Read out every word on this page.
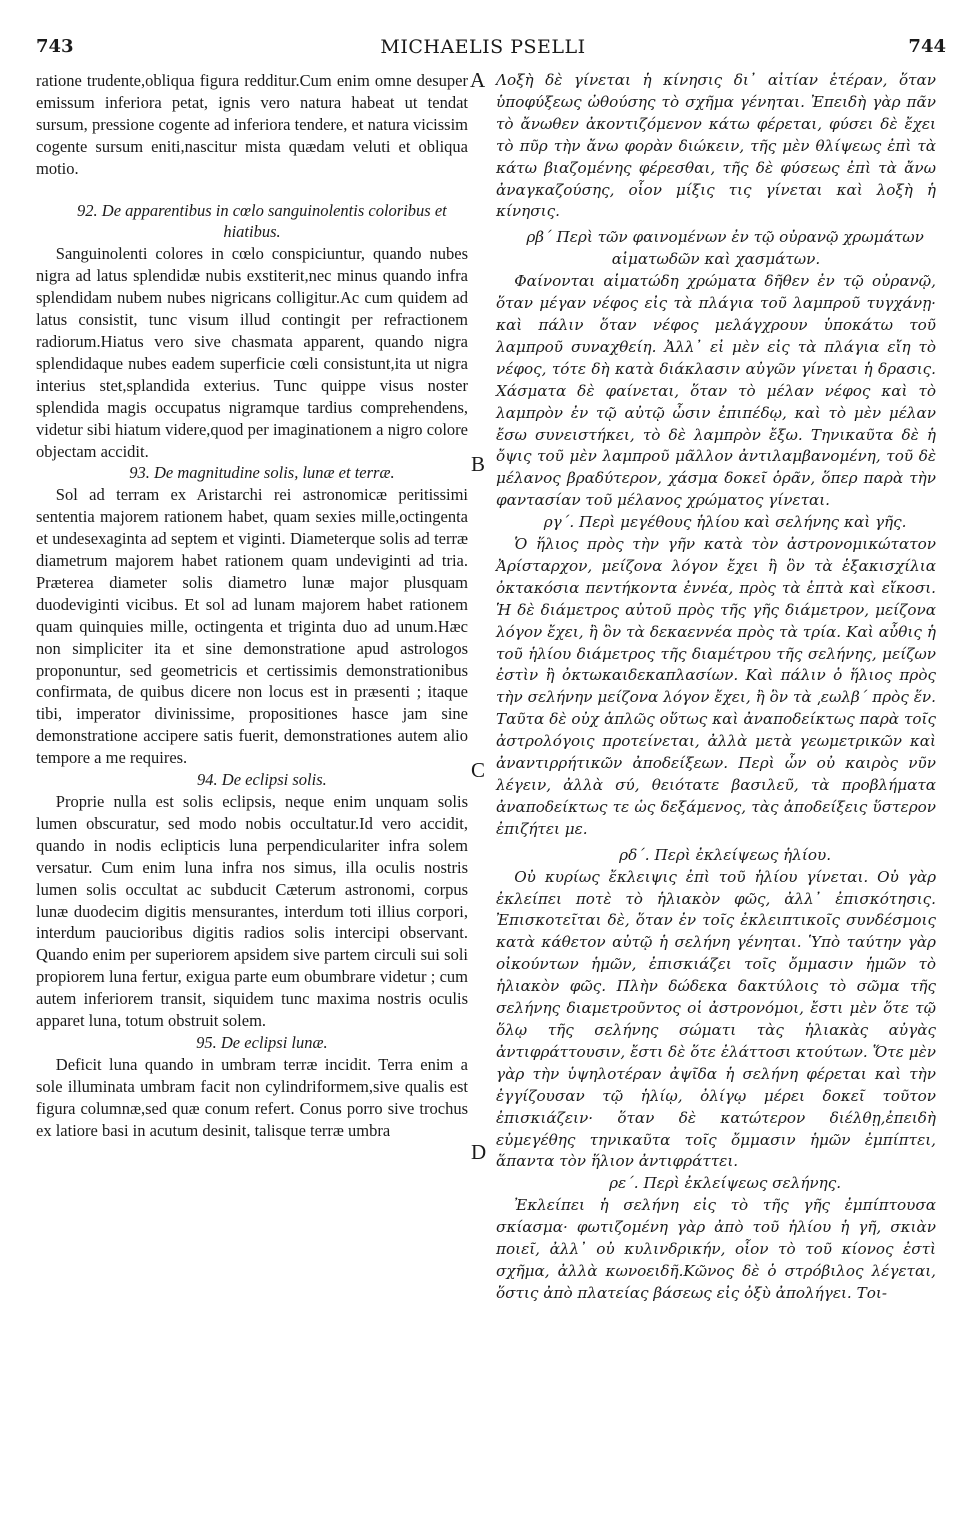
743	MICHAELIS PSELLI	744

ratione trudente,obliqua figura redditur.Cum enim omne desuper emissum inferiora petat, ignis vero natura habeat ut tendat sursum, pressione cogente ad inferiora tendere, et natura vicissim cogente sursum eniti,nascitur mista quædam veluti et obliqua motio.

92. De apparentibus in cœlo sanguinolentis coloribus et hiatibus.

Sanguinolenti colores in cœlo conspiciuntur, quando nubes nigra ad latus splendidæ nubis exstiterit,nec minus quando infra splendidam nubem nubes nigricans colligitur.Ac cum quidem ad latus consistit, tunc visum illud contingit per refractionem radiorum.Hiatus vero sive chasmata apparent, quando nigra splendidaque nubes eadem superficie cœli consistunt,ita ut nigra interius stet,splandida exterius. Tunc quippe visus noster splendida magis occupatus nigramque tardius comprehendens, videtur sibi hiatum videre,quod per imaginationem a nigro colore objectam accidit.

93. De magnitudine solis, lunæ et terræ.

Sol ad terram ex Aristarchi rei astronomicæ peritissimi sententia majorem rationem habet, quam sexies mille,octingenta et undesexaginta ad septem et viginti. Diameterque solis ad terræ diametrum majorem habet rationem quam undeviginti ad tria. Præterea diameter solis diametro lunæ major plusquam duodeviginti vicibus. Et sol ad lunam majorem habet rationem quam quinquies mille, octingenta et triginta duo ad unum.Hæc non simpliciter ita et sine demonstratione apud astrologos proponuntur, sed geometricis et certissimis demonstrationibus confirmata, de quibus dicere non locus est in præsenti ; itaque tibi, imperator divinissime, propositiones hasce jam sine demonstratione accipere satis fuerit, demonstrationes autem alio tempore a me requires.

94. De eclipsi solis.

Proprie nulla est solis eclipsis, neque enim unquam solis lumen obscuratur, sed modo nobis occultatur.Id vero accidit, quando in nodis eclipticis luna perpendiculariter infra solem versatur. Cum enim luna infra nos simus, illa oculis nostris lumen solis occultat ac subducit Cæterum astronomi, corpus lunæ duodecim digitis mensurantes, interdum toti illius corpori, interdum paucioribus digitis radios solis intercipi observant. Quando enim per superiorem apsidem sive partem circuli sui soli propiorem luna fertur, exigua parte eum obumbrare videtur ; cum autem inferiorem transit, siquidem tunc maxima nostris oculis apparet luna, totum obstruit solem.

95. De eclipsi lunæ.

Deficit luna quando in umbram terræ incidit. Terra enim a sole illuminata umbram facit non cylindriformem,sive qualis est figura columnæ,sed quæ conum refert. Conus porro sive trochus ex latiore basi in acutum desinit, talisque terræ umbra

Λοξὴ δὲ γίνεται ἡ κίνησις δι᾽ αἰτίαν ἑτέραν, ὅταν ὑποφύξεως ὠθούσης τὸ σχῆμα γένηται. Ἐπειδὴ γὰρ πᾶν τὸ ἄνωθεν ἀκοντιζόμενον κάτω φέρεται, φύσει δὲ ἔχει τὸ πῦρ τὴν ἄνω φορὰν διώκειν, τῆς μὲν θλίψεως ἐπὶ τὰ κάτω βιαζομένης φέρεσθαι, τῆς δὲ φύσεως ἐπὶ τὰ ἄνω ἀναγκαζούσης, οἷον μίξις τις γίνεται καὶ λοξὴ ἡ κίνησις.

ρβ΄ Περὶ τῶν φαινομένων ἐν τῷ οὐρανῷ χρωμάτων αἱματωδῶν καὶ χασμάτων.

Φαίνονται αἱματώδη χρώματα δῆθεν ἐν τῷ οὐρανῷ, ὅταν μέγαν νέφος εἰς τὰ πλάγια τοῦ λαμπροῦ τυγχάνῃ· καὶ πάλιν ὅταν νέφος μελάγχρουν ὑποκάτω τοῦ λαμπροῦ συναχθείη. Ἀλλ᾽ εἰ μὲν εἰς τὰ πλάγια εἴη τὸ νέφος, τότε δὴ κατὰ διάκλασιν αὐγῶν γίνεται ἡ δρασις. Χάσματα δὲ φαίνεται, ὅταν τὸ μέλαν νέφος καὶ τὸ λαμπρὸν ἐν τῷ αὐτῷ ὦσιν ἐπιπέδῳ, καὶ τὸ μὲν μέλαν ἔσω συνειστήκει, τὸ δὲ λαμπρὸν ἔξω. Τηνικαῦτα δὲ ἡ ὄψις τοῦ μὲν λαμπροῦ μᾶλλον ἀντιλαμβανομένη, τοῦ δὲ μέλανος βραδύτερον, χάσμα δοκεῖ ὁρᾶν, ὅπερ παρὰ τὴν φαντασίαν τοῦ μέλανος χρώματος γίνεται.

ργ΄. Περὶ μεγέθους ἡλίου καὶ σελήνης καὶ γῆς.

Ὁ ἥλιος πρὸς τὴν γῆν κατὰ τὸν ἀστρονομικώτατον Ἀρίσταρχον, μείζονα λόγον ἔχει ἢ ὃν τὰ ἑξακισχίλια ὀκτακόσια πεντήκοντα ἐννέα, πρὸς τὰ ἑπτὰ καὶ εἴκοσι. Ἡ δὲ διάμετρος αὐτοῦ πρὸς τῆς γῆς διάμετρον, μείζονα λόγον ἔχει, ἢ ὃν τὰ δεκαεννέα πρὸς τὰ τρία. Καὶ αὖθις ἡ τοῦ ἡλίου διάμετρος τῆς διαμέτρου τῆς σελήνης, μείζων ἐστὶν ἢ ὀκτωκαιδεκαπλασίων. Καὶ πάλιν ὁ ἥλιος πρὸς τὴν σελήνην μείζονα λόγον ἔχει, ἢ ὃν τὰ ͵εωλβ΄ πρὸς ἕν. Ταῦτα δὲ οὐχ ἁπλῶς οὕτως καὶ ἀναποδείκτως παρὰ τοῖς ἀστρολόγοις προτείνεται, ἀλλὰ μετὰ γεωμετρικῶν καὶ ἀναντιρρήτικῶν ἀποδείξεων. Περὶ ὧν οὐ καιρὸς νῦν λέγειν, ἀλλὰ σύ, θειότατε βασιλεῦ, τὰ προβλήματα ἀναποδείκτως τε ὡς δεξάμενος, τὰς ἀποδείξεις ὕστερον ἐπιζήτει με.

ρδ΄. Περὶ ἐκλείψεως ἡλίου.

Οὐ κυρίως ἔκλειψις ἐπὶ τοῦ ἡλίου γίνεται. Οὐ γὰρ ἐκλείπει ποτὲ τὸ ἡλιακὸν φῶς, ἀλλ᾽ ἐπισκότησις. Ἐπισκοτεῖται δὲ, ὅταν ἐν τοῖς ἐκλειπτικοῖς συνδέσμοις κατὰ κάθετον αὐτῷ ἡ σελήνη γένηται. Ὑπὸ ταύτην γὰρ οἰκούντων ἡμῶν, ἐπισκιάζει τοῖς ὄμμασιν ἡμῶν τὸ ἡλιακὸν φῶς. Πλὴν δώδεκα δακτύλοις τὸ σῶμα τῆς σελήνης διαμετροῦντος οἱ ἀστρονόμοι, ἔστι μὲν ὅτε τῷ ὅλῳ τῆς σελήνης σώματι τὰς ἡλιακὰς αὐγὰς ἀντιφράττουσιν, ἔστι δὲ ὅτε ἐλάττοσι κτούτων. Ὅτε μὲν γὰρ τὴν ὑψηλοτέραν ἀψῖδα ἡ σελήνη φέρεται καὶ τὴν ἐγγίζουσαν τῷ ἡλίῳ, ὀλίγῳ μέρει δοκεῖ τοῦτον ἐπισκιάζειν· ὅταν δὲ κατώτερον διέλθῃ,ἐπειδὴ εὐμεγέθης τηνικαῦτα τοῖς ὄμμασιν ἡμῶν ἐμπίπτει, ἅπαντα τὸν ἥλιον ἀντιφράττει.

ρε΄. Περὶ ἐκλείψεως σελήνης.

Ἐκλείπει ἡ σελήνη εἰς τὸ τῆς γῆς ἐμπίπτουσα σκίασμα· φωτιζομένη γὰρ ἀπὸ τοῦ ἡλίου ἡ γῆ, σκιὰν ποιεῖ, ἀλλ᾽ οὐ κυλινδρικήν, οἷον τὸ τοῦ κίονος ἐστὶ σχῆμα, ἀλλὰ κωνοειδῆ.Κῶνος δὲ ὁ στρόβιλος λέγεται, ὅστις ἀπὸ πλατείας βάσεως εἰς ὀξὺ ἀπολήγει. Τοι-

A
B
C
D
